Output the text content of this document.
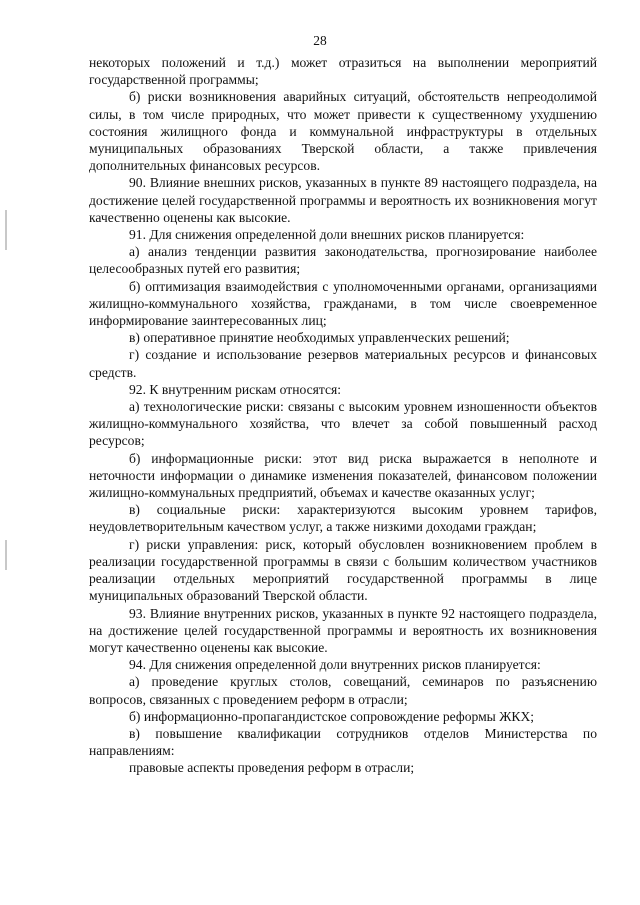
28

некоторых положений и т.д.) может отразиться на выполнении мероприятий государственной программы;

б) риски возникновения аварийных ситуаций, обстоятельств непреодолимой силы, в том числе природных, что может привести к существенному ухудшению состояния жилищного фонда и коммунальной инфраструктуры в отдельных муниципальных образованиях Тверской области, а также привлечения дополнительных финансовых ресурсов.

90. Влияние внешних рисков, указанных в пункте 89 настоящего подраздела, на достижение целей государственной программы и вероятность их возникновения могут качественно оценены как высокие.

91. Для снижения определенной доли внешних рисков планируется:

а) анализ тенденции развития законодательства, прогнозирование наиболее целесообразных путей его развития;

б) оптимизация взаимодействия с уполномоченными органами, организациями жилищно-коммунального хозяйства, гражданами, в том числе своевременное информирование заинтересованных лиц;

в) оперативное принятие необходимых управленческих решений;

г) создание и использование резервов материальных ресурсов и финансовых средств.

92. К внутренним рискам относятся:

а) технологические риски: связаны с высоким уровнем изношенности объектов жилищно-коммунального хозяйства, что влечет за собой повышенный расход ресурсов;

б) информационные риски: этот вид риска выражается в неполноте и неточности информации о динамике изменения показателей, финансовом положении жилищно-коммунальных предприятий, объемах и качестве оказанных услуг;

в) социальные риски: характеризуются высоким уровнем тарифов, неудовлетворительным качеством услуг, а также низкими доходами граждан;

г) риски управления: риск, который обусловлен возникновением проблем в реализации государственной программы в связи с большим количеством участников реализации отдельных мероприятий государственной программы в лице муниципальных образований Тверской области.

93. Влияние внутренних рисков, указанных в пункте 92 настоящего подраздела, на достижение целей государственной программы и вероятность их возникновения могут качественно оценены как высокие.

94. Для снижения определенной доли внутренних рисков планируется:

а) проведение круглых столов, совещаний, семинаров по разъяснению вопросов, связанных с проведением реформ в отрасли;

б) информационно-пропагандистское сопровождение реформы ЖКХ;

в) повышение квалификации сотрудников отделов Министерства по направлениям:

правовые аспекты проведения реформ в отрасли;
